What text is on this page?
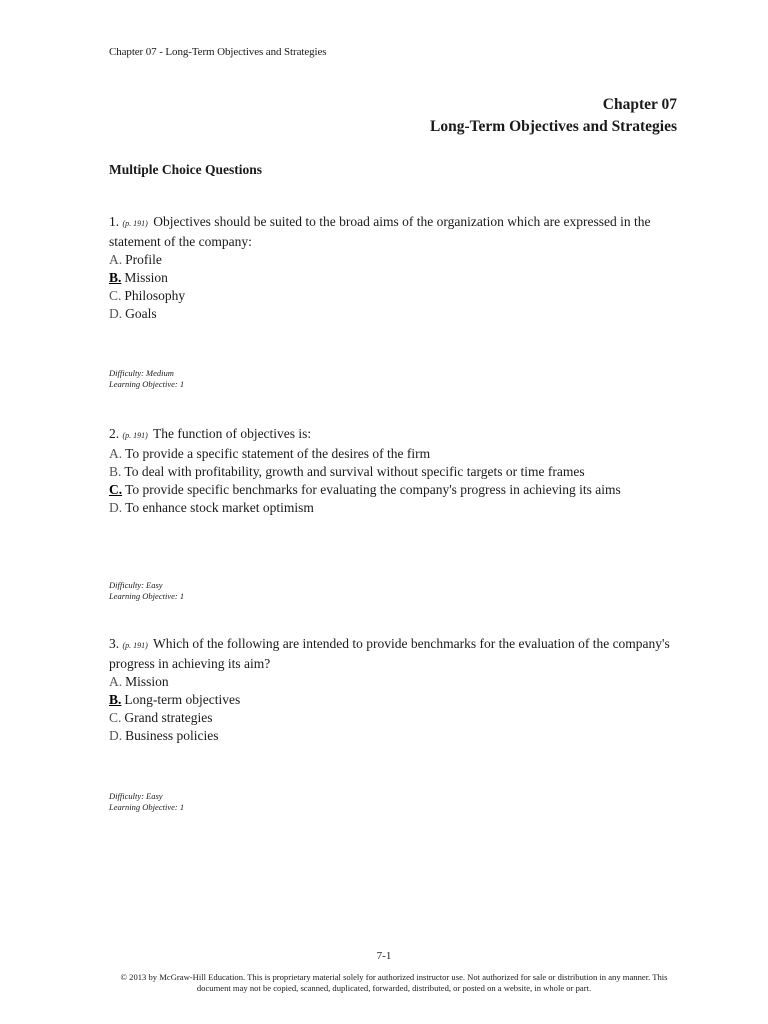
Chapter 07 - Long-Term Objectives and Strategies
Chapter 07
Long-Term Objectives and Strategies
Multiple Choice Questions
1. (p. 191) Objectives should be suited to the broad aims of the organization which are expressed in the statement of the company:
A. Profile
B. Mission
C. Philosophy
D. Goals
Difficulty: Medium
Learning Objective: 1
2. (p. 191) The function of objectives is:
A. To provide a specific statement of the desires of the firm
B. To deal with profitability, growth and survival without specific targets or time frames
C. To provide specific benchmarks for evaluating the company's progress in achieving its aims
D. To enhance stock market optimism
Difficulty: Easy
Learning Objective: 1
3. (p. 191) Which of the following are intended to provide benchmarks for the evaluation of the company's progress in achieving its aim?
A. Mission
B. Long-term objectives
C. Grand strategies
D. Business policies
Difficulty: Easy
Learning Objective: 1
7-1
© 2013 by McGraw-Hill Education. This is proprietary material solely for authorized instructor use. Not authorized for sale or distribution in any manner. This document may not be copied, scanned, duplicated, forwarded, distributed, or posted on a website, in whole or part.
